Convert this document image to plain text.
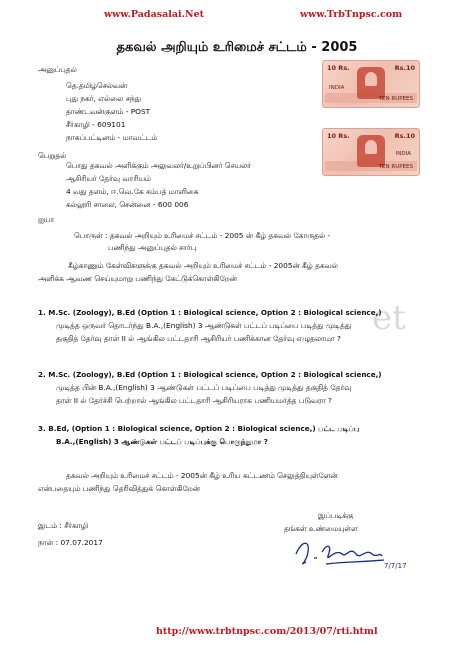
www.Padasalai.Net	www.TrbTnpsc.com
et
தகவல் அறியும் உரிமைச் சட்டம் - 2005
அனுப்புதல்
தெ.தமிழ்செல்வன்
புது நகர், எல்லை சந்து
தாண்டவன்குளம் - POST
சீர்காழி - 609101
நாகப்பட்டினம் - மாவட்டம்
10 Rs.	Rs.10
INDIA
TEN RUPEES
பெறுதல்
பொது தகவல் அளிக்கும் அலுவலர்/உறுப்பினர் செயலர்
ஆசிரியர் தேர்வு வாரியம்
4 வது தளம், ஈ.வெ.கே சம்பத் மாளிகை
கல்லூரி சாலை, சென்னை - 600 006
10 Rs.	Rs.10
INDIA
TEN RUPEES
ஐயா
பொருள் : தகவல் அறியும் உரிமைச் சட்டம் - 2005 ன் கீழ் தகவல் கோருதல் -
பணிந்து அனுப்புதல் சார்பு
கீழ்காணும் கேள்விகளுக்கு தகவல் அறியும் உரிமைச் சட்டம் - 2005ன் கீழ் தகவல்
அளிக்க ஆவண செய்யுமாறு பணிந்து கேட்டுக்கொள்கிறேன்
1. M.Sc. (Zoology), B.Ed (Option 1 : Biological science, Option 2 : Biological science,)
முடித்த ஒருவர் தொடர்ந்து B.A.,(English) 3 ஆண்டுகள் பட்டப் படிப்பை படித்து முடித்து
தகுதித் தேர்வு தாள் II ல் ஆங்கில பட்டதாரி ஆசிரியர் பணிக்கான தேர்வு எழுதலாமா ?
2. M.Sc. (Zoology), B.Ed (Option 1 : Biological science, Option 2 : Biological science,)
முடித்த பின் B.A.,(English) 3 ஆண்டுகள் பட்டப் படிப்பை படித்து முடித்து தகுதித் தேர்வு
தாள் II ல் தேர்ச்சி பெற்றால் ஆங்கில பட்டதாரி ஆசிரியராக பணியமர்த்த படுவரா ?
3. B.Ed, (Option 1 : Biological science, Option 2 : Biological science,) பட்ட படிப்பு
B.A.,(English) 3 ஆண்டுகள் பட்டப் படிப்புக்கு பொருந்துமா ?
தகவல் அறியும் உரிமைச் சட்டம் - 2005ன் கீழ் உரிய கட்டணம் செலுத்தியுள்ளேன்
என்பதையும் பணிந்து தெரிவித்துக் கொள்கிறேன்
இப்படிக்கு
தங்கள் உண்மையுள்ள
7/7/17
இடம் : சீர்காழி
நாள் : 07.07.2017
http://www.trbtnpsc.com/2013/07/rti.html
